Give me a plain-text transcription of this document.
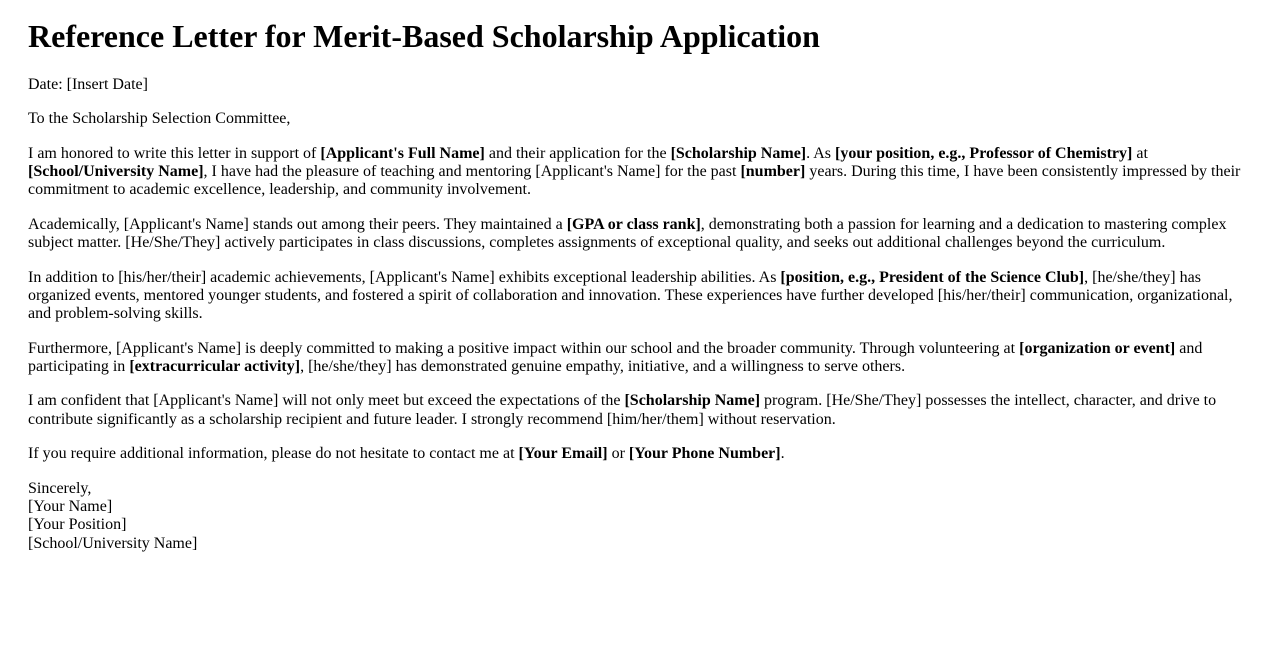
Reference Letter for Merit-Based Scholarship Application

Date: [Insert Date]

To the Scholarship Selection Committee,

I am honored to write this letter in support of [Applicant's Full Name] and their application for the [Scholarship Name]. As [your position, e.g., Professor of Chemistry] at [School/University Name], I have had the pleasure of teaching and mentoring [Applicant's Name] for the past [number] years. During this time, I have been consistently impressed by their commitment to academic excellence, leadership, and community involvement.

Academically, [Applicant's Name] stands out among their peers. They maintained a [GPA or class rank], demonstrating both a passion for learning and a dedication to mastering complex subject matter. [He/She/They] actively participates in class discussions, completes assignments of exceptional quality, and seeks out additional challenges beyond the curriculum.

In addition to [his/her/their] academic achievements, [Applicant's Name] exhibits exceptional leadership abilities. As [position, e.g., President of the Science Club], [he/she/they] has organized events, mentored younger students, and fostered a spirit of collaboration and innovation. These experiences have further developed [his/her/their] communication, organizational, and problem-solving skills.

Furthermore, [Applicant's Name] is deeply committed to making a positive impact within our school and the broader community. Through volunteering at [organization or event] and participating in [extracurricular activity], [he/she/they] has demonstrated genuine empathy, initiative, and a willingness to serve others.

I am confident that [Applicant's Name] will not only meet but exceed the expectations of the [Scholarship Name] program. [He/She/They] possesses the intellect, character, and drive to contribute significantly as a scholarship recipient and future leader. I strongly recommend [him/her/them] without reservation.

If you require additional information, please do not hesitate to contact me at [Your Email] or [Your Phone Number].

Sincerely,
[Your Name]
[Your Position]
[School/University Name]
